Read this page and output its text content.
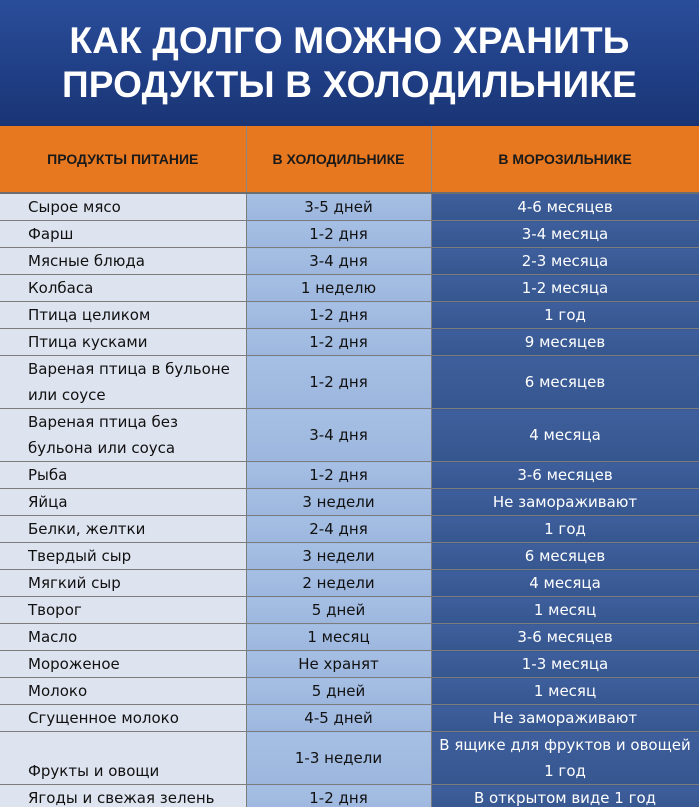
КАК ДОЛГО МОЖНО ХРАНИТЬ
ПРОДУКТЫ В ХОЛОДИЛЬНИКЕ
ПРОДУКТЫ ПИТАНИЕ	В ХОЛОДИЛЬНИКЕ	В МОРОЗИЛЬНИКЕ
Сырое мясо	3-5 дней	4-6 месяцев
Фарш	1-2 дня	3-4 месяца
Мясные блюда	3-4 дня	2-3 месяца
Колбаса	1 неделю	1-2 месяца
Птица целиком	1-2 дня	1 год
Птица кусками	1-2 дня	9 месяцев
Вареная птица в бульоне или соусе	1-2 дня	6 месяцев
Вареная птица без бульона или соуса	3-4 дня	4 месяца
Рыба	1-2 дня	3-6 месяцев
Яйца	3 недели	Не замораживают
Белки, желтки	2-4 дня	1 год
Твердый сыр	3 недели	6 месяцев
Мягкий сыр	2 недели	4 месяца
Творог	5 дней	1 месяц
Масло	1 месяц	3-6 месяцев
Мороженое	Не хранят	1-3 месяца
Молоко	5 дней	1 месяц
Сгущенное молоко	4-5 дней	Не замораживают
Фрукты и овощи	1-3 недели	В ящике для фруктов и овощей 1 год
Ягоды и свежая зелень	1-2 дня	В открытом виде 1 год
